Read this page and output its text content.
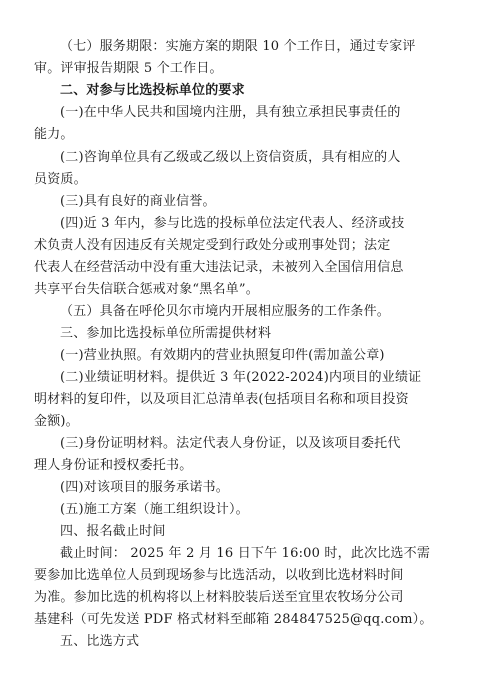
（七）服务期限：实施方案的期限 10 个工作日，通过专家评
审。评审报告期限 5 个工作日。
二、对参与比选投标单位的要求
(一)在中华人民共和国境内注册，具有独立承担民事责任的
能力。
(二)咨询单位具有乙级或乙级以上资信资质，具有相应的人
员资质。
(三)具有良好的商业信誉。
(四)近 3 年内，参与比选的投标单位法定代表人、经济或技
术负责人没有因违反有关规定受到行政处分或刑事处罚；法定
代表人在经营活动中没有重大违法记录，未被列入全国信用信息
共享平台失信联合惩戒对象“黑名单”。
（五）具备在呼伦贝尔市境内开展相应服务的工作条件。
三、参加比选投标单位所需提供材料
(一)营业执照。有效期内的营业执照复印件(需加盖公章)
(二)业绩证明材料。提供近 3 年(2022-2024)内项目的业绩证
明材料的复印件，以及项目汇总清单表(包括项目名称和项目投资
金额)。
(三)身份证明材料。法定代表人身份证，以及该项目委托代
理人身份证和授权委托书。
(四)对该项目的服务承诺书。
(五)施工方案（施工组织设计）。
四、报名截止时间
截止时间： 2025 年 2 月 16 日下午 16:00 时，此次比选不需
要参加比选单位人员到现场参与比选活动，以收到比选材料时间
为准。参加比选的机构将以上材料胶装后送至宜里农牧场分公司
基建科（可先发送 PDF 格式材料至邮箱 284847525@qq.com）。
五、比选方式
